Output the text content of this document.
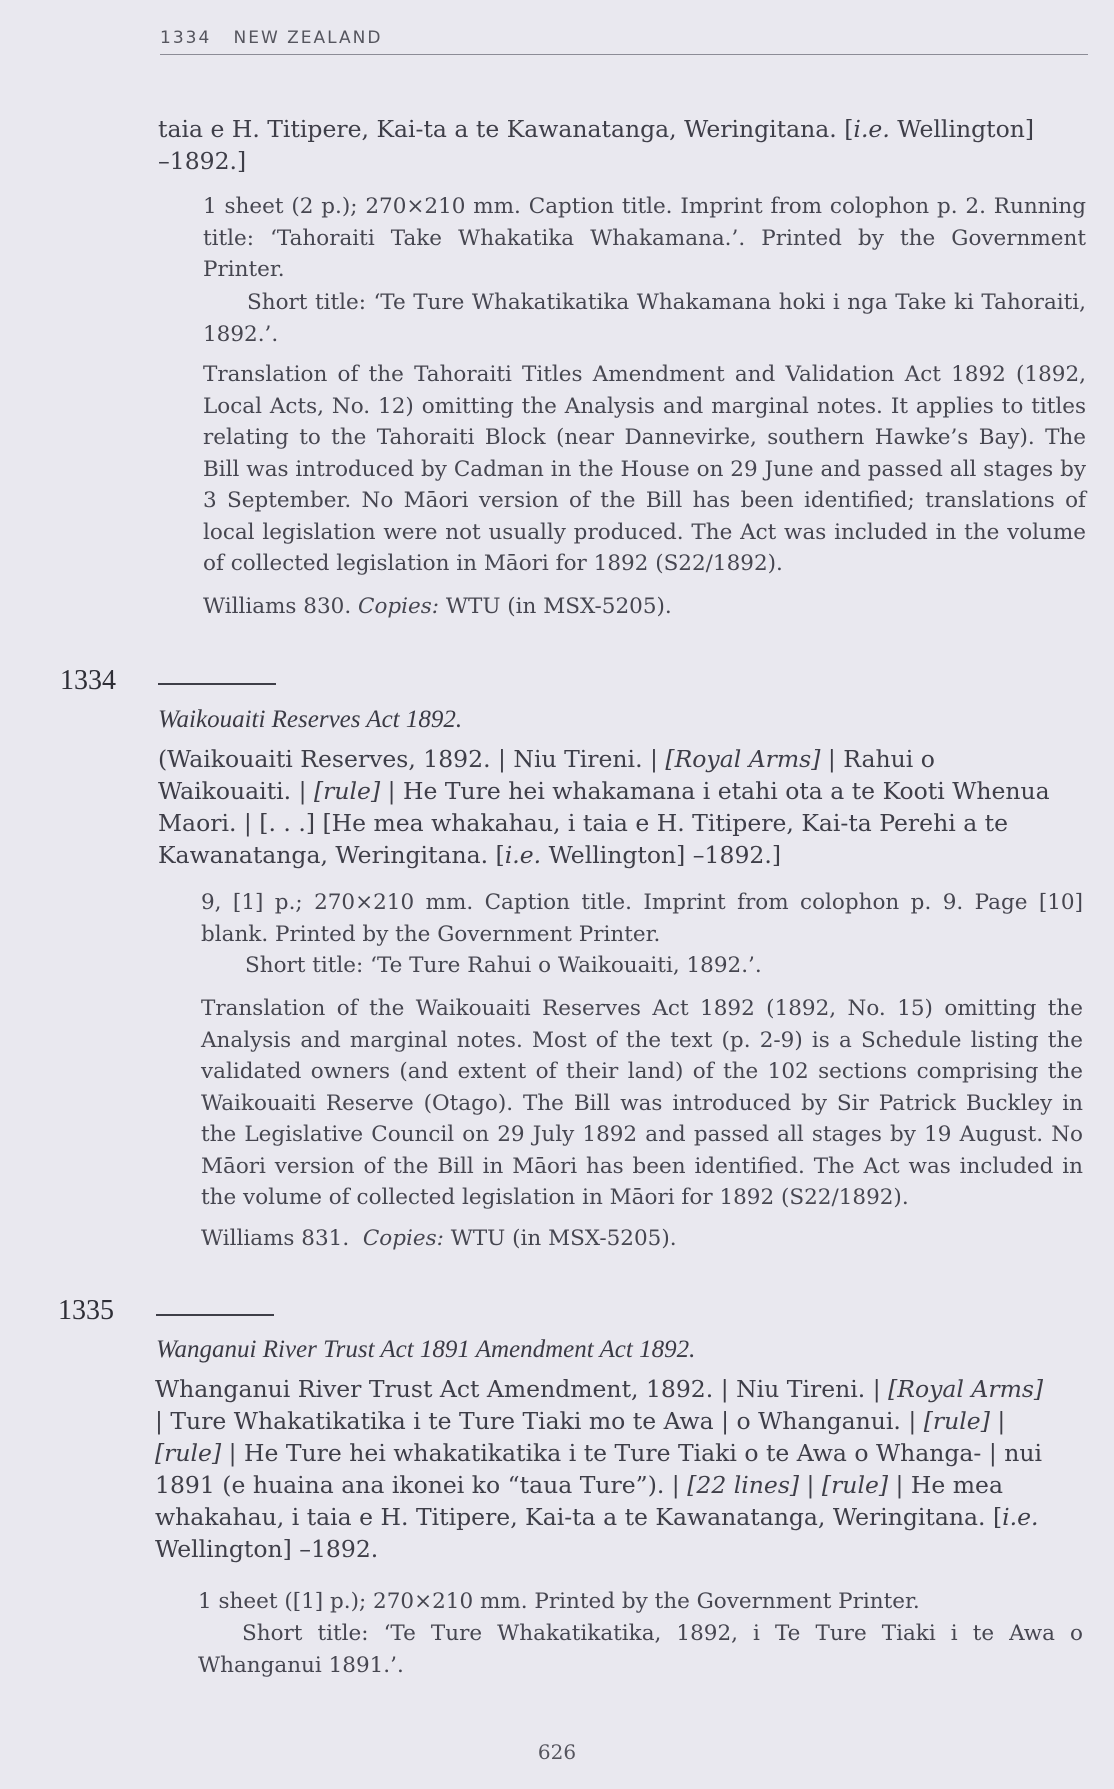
1334 NEW ZEALAND

taia e H. Titipere, Kai-ta a te Kawanatanga, Weringitana. [i.e. Wellington]
–1892.]

1 sheet (2 p.); 270×210 mm. Caption title. Imprint from colophon p. 2. Running title: ‘Tahoraiti Take Whakatika Whakamana.’. Printed by the Government Printer.

Short title: ‘Te Ture Whakatikatika Whakamana hoki i nga Take ki Tahoraiti, 1892.’.

Translation of the Tahoraiti Titles Amendment and Validation Act 1892 (1892, Local Acts, No. 12) omitting the Analysis and marginal notes. It applies to titles relating to the Tahoraiti Block (near Dannevirke, southern Hawke’s Bay). The Bill was introduced by Cadman in the House on 29 June and passed all stages by 3 September. No Māori version of the Bill has been identified; translations of local legislation were not usually produced. The Act was included in the volume of collected legislation in Māori for 1892 (S22/1892).

Williams 830. Copies: WTU (in MSX-5205).

1334
Waikouaiti Reserves Act 1892.

(Waikouaiti Reserves, 1892. | Niu Tireni. | [Royal Arms] | Rahui o
Waikouaiti. | [rule] | He Ture hei whakamana i etahi ota a te Kooti Whenua
Maori. | [. . .] [He mea whakahau, i taia e H. Titipere, Kai-ta Perehi a te
Kawanatanga, Weringitana. [i.e. Wellington] –1892.]

9, [1] p.; 270×210 mm. Caption title. Imprint from colophon p. 9. Page [10] blank. Printed by the Government Printer.

Short title: ‘Te Ture Rahui o Waikouaiti, 1892.’.

Translation of the Waikouaiti Reserves Act 1892 (1892, No. 15) omitting the Analysis and marginal notes. Most of the text (p. 2-9) is a Schedule listing the validated owners (and extent of their land) of the 102 sections comprising the Waikouaiti Reserve (Otago). The Bill was introduced by Sir Patrick Buckley in the Legislative Council on 29 July 1892 and passed all stages by 19 August. No Māori version of the Bill in Māori has been identified. The Act was included in the volume of collected legislation in Māori for 1892 (S22/1892).

Williams 831.  Copies: WTU (in MSX-5205).

1335
Wanganui River Trust Act 1891 Amendment Act 1892.

Whanganui River Trust Act Amendment, 1892. | Niu Tireni. | [Royal Arms]
| Ture Whakatikatika i te Ture Tiaki mo te Awa | o Whanganui. | [rule] |
[rule] | He Ture hei whakatikatika i te Ture Tiaki o te Awa o Whanga- | nui
1891 (e huaina ana ikonei ko “taua Ture”). | [22 lines] | [rule] | He mea
whakahau, i taia e H. Titipere, Kai-ta a te Kawanatanga, Weringitana. [i.e.
Wellington] –1892.

1 sheet ([1] p.); 270×210 mm. Printed by the Government Printer.

Short title: ‘Te Ture Whakatikatika, 1892, i Te Ture Tiaki i te Awa o Whanganui 1891.’.

626
